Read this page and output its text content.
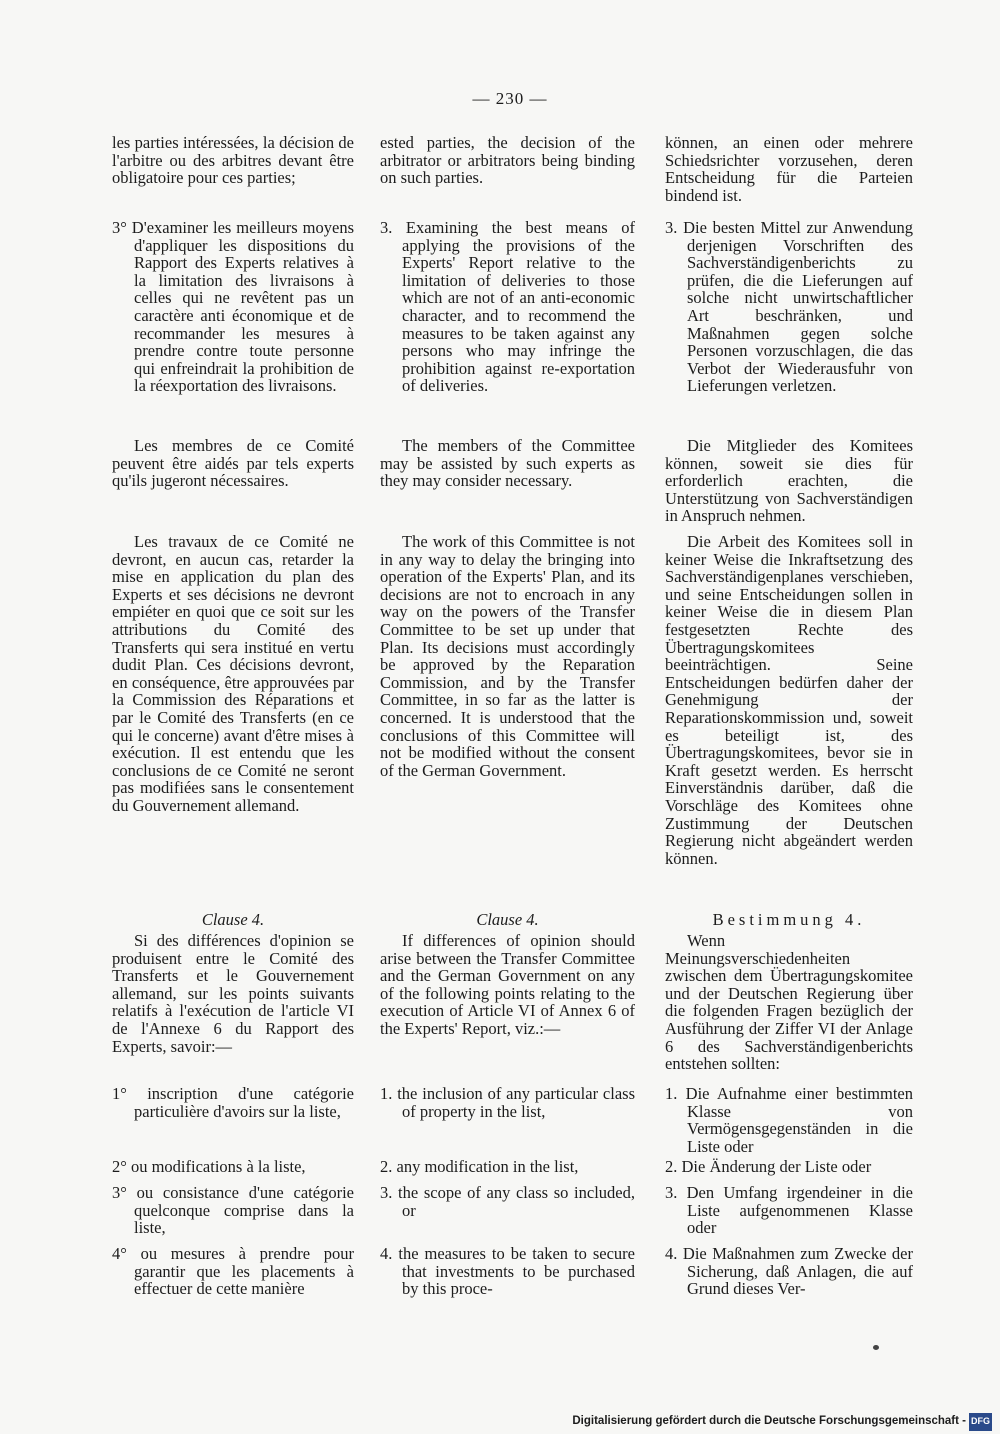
— 230 —

les parties intéressées, la décision de l'arbitre ou des arbitres devant être obligatoire pour ces parties;

3° D'examiner les meilleurs moyens d'appliquer les dispositions du Rapport des Experts relatives à la limitation des livraisons à celles qui ne revêtent pas un caractère anti économique et de recommander les mesures à prendre contre toute personne qui enfreindrait la prohibition de la réexportation des livraisons.

Les membres de ce Comité peuvent être aidés par tels experts qu'ils jugeront nécessaires.

Les travaux de ce Comité ne devront, en aucun cas, retarder la mise en application du plan des Experts et ses décisions ne devront empiéter en quoi que ce soit sur les attributions du Comité des Transferts qui sera institué en vertu dudit Plan. Ces décisions devront, en conséquence, être approuvées par la Commission des Réparations et par le Comité des Transferts (en ce qui le concerne) avant d'être mises à exécution. Il est entendu que les conclusions de ce Comité ne seront pas modifiées sans le consentement du Gouvernement allemand.

Clause 4.

Si des différences d'opinion se produisent entre le Comité des Transferts et le Gouvernement allemand, sur les points suivants relatifs à l'exécution de l'article VI de l'Annexe 6 du Rapport des Experts, savoir:—

1° inscription d'une catégorie particulière d'avoirs sur la liste,

2° ou modifications à la liste,

3° ou consistance d'une catégorie quelconque comprise dans la liste,

4° ou mesures à prendre pour garantir que les placements à effectuer de cette manière

ested parties, the decision of the arbitrator or arbitrators being binding on such parties.

3. Examining the best means of applying the provisions of the Experts' Report relative to the limitation of deliveries to those which are not of an anti-economic character, and to recommend the measures to be taken against any persons who may infringe the prohibition against re-exportation of deliveries.

The members of the Committee may be assisted by such experts as they may consider necessary.

The work of this Committee is not in any way to delay the bringing into operation of the Experts' Plan, and its decisions are not to encroach in any way on the powers of the Transfer Committee to be set up under that Plan. Its decisions must accordingly be approved by the Reparation Commission, and by the Transfer Committee, in so far as the latter is concerned. It is understood that the conclusions of this Committee will not be modified without the consent of the German Government.

Clause 4.

If differences of opinion should arise between the Transfer Committee and the German Government on any of the following points relating to the execution of Article VI of Annex 6 of the Experts' Report, viz.:—

1. the inclusion of any particular class of property in the list,

2. any modification in the list,

3. the scope of any class so included, or

4. the measures to be taken to secure that investments to be purchased by this proce-

können, an einen oder mehrere Schiedsrichter vorzusehen, deren Entscheidung für die Parteien bindend ist.

3. Die besten Mittel zur Anwendung derjenigen Vorschriften des Sachverständigenberichts zu prüfen, die die Lieferungen auf solche nicht unwirtschaftlicher Art beschränken, und Maßnahmen gegen solche Personen vorzuschlagen, die das Verbot der Wiederausfuhr von Lieferungen verletzen.

Die Mitglieder des Komitees können, soweit sie dies für erforderlich erachten, die Unterstützung von Sachverständigen in Anspruch nehmen.

Die Arbeit des Komitees soll in keiner Weise die Inkraftsetzung des Sachverständigenplanes verschieben, und seine Entscheidungen sollen in keiner Weise die in diesem Plan festgesetzten Rechte des Übertragungskomitees beeinträchtigen. Seine Entscheidungen bedürfen daher der Genehmigung der Reparationskommission und, soweit es beteiligt ist, des Übertragungskomitees, bevor sie in Kraft gesetzt werden. Es herrscht Einverständnis darüber, daß die Vorschläge des Komitees ohne Zustimmung der Deutschen Regierung nicht abgeändert werden können.

Bestimmung 4.

Wenn Meinungsverschiedenheiten zwischen dem Übertragungskomitee und der Deutschen Regierung über die folgenden Fragen bezüglich der Ausführung der Ziffer VI der Anlage 6 des Sachverständigenberichts entstehen sollten:

1. Die Aufnahme einer bestimmten Klasse von Vermögensgegenständen in die Liste oder

2. Die Änderung der Liste oder

3. Den Umfang irgendeiner in die Liste aufgenommenen Klasse oder

4. Die Maßnahmen zum Zwecke der Sicherung, daß Anlagen, die auf Grund dieses Ver-

Digitalisierung gefördert durch die Deutsche Forschungsgemeinschaft - DFG
